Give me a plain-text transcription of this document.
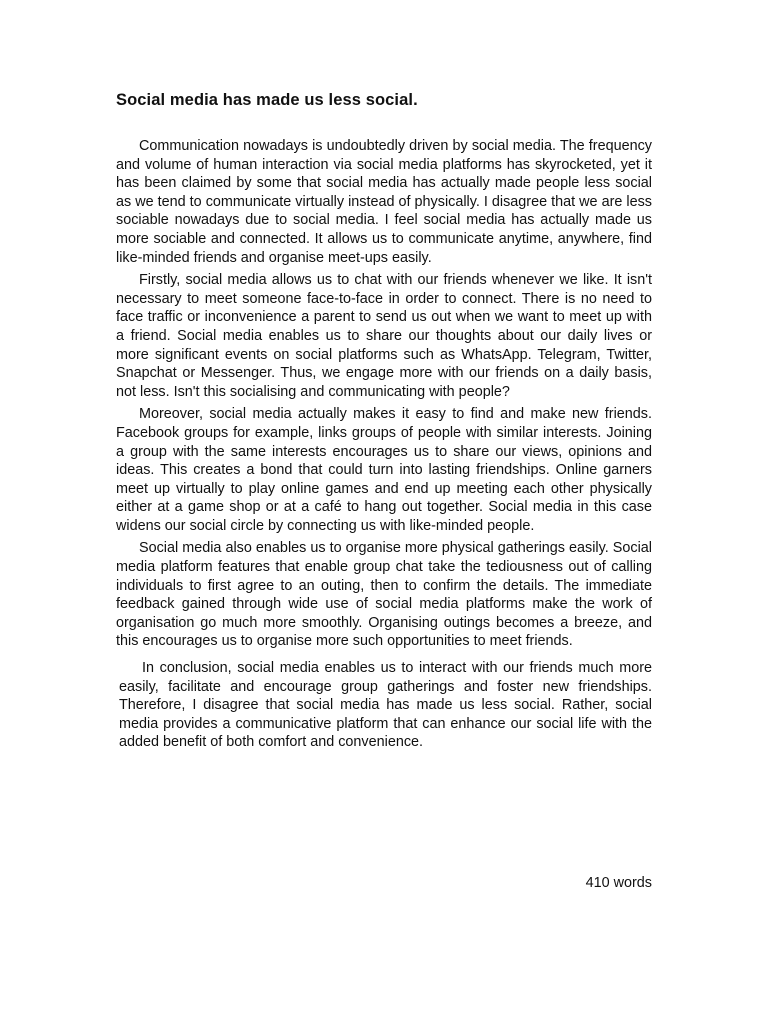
Social media has made us less social.

Communication nowadays is undoubtedly driven by social media. The frequency and volume of human interaction via social media platforms has skyrocketed, yet it has been claimed by some that social media has actually made people less social as we tend to communicate virtually instead of physically. I disagree that we are less sociable nowadays due to social media. I feel social media has actually made us more sociable and connected. It allows us to communicate anytime, anywhere, find like-minded friends and organise meet-ups easily.

Firstly, social media allows us to chat with our friends whenever we like. It isn't necessary to meet someone face-to-face in order to connect. There is no need to face traffic or inconvenience a parent to send us out when we want to meet up with a friend. Social media enables us to share our thoughts about our daily lives or more significant events on social platforms such as WhatsApp. Telegram, Twitter, Snapchat or Messenger. Thus, we engage more with our friends on a daily basis, not less. Isn't this socialising and communicating with people?

Moreover, social media actually makes it easy to find and make new friends. Facebook groups for example, links groups of people with similar interests. Joining a group with the same interests encourages us to share our views, opinions and ideas. This creates a bond that could turn into lasting friendships. Online garners meet up virtually to play online games and end up meeting each other physically either at a game shop or at a café to hang out together. Social media in this case widens our social circle by connecting us with like-minded people.

Social media also enables us to organise more physical gatherings easily. Social media platform features that enable group chat take the tediousness out of calling individuals to first agree to an outing, then to confirm the details. The immediate feedback gained through wide use of social media platforms make the work of organisation go much more smoothly. Organising outings becomes a breeze, and this encourages us to organise more such opportunities to meet friends.

In conclusion, social media enables us to interact with our friends much more easily, facilitate and encourage group gatherings and foster new friendships. Therefore, I disagree that social media has made us less social. Rather, social media provides a communicative platform that can enhance our social life with the added benefit of both comfort and convenience.

410 words
